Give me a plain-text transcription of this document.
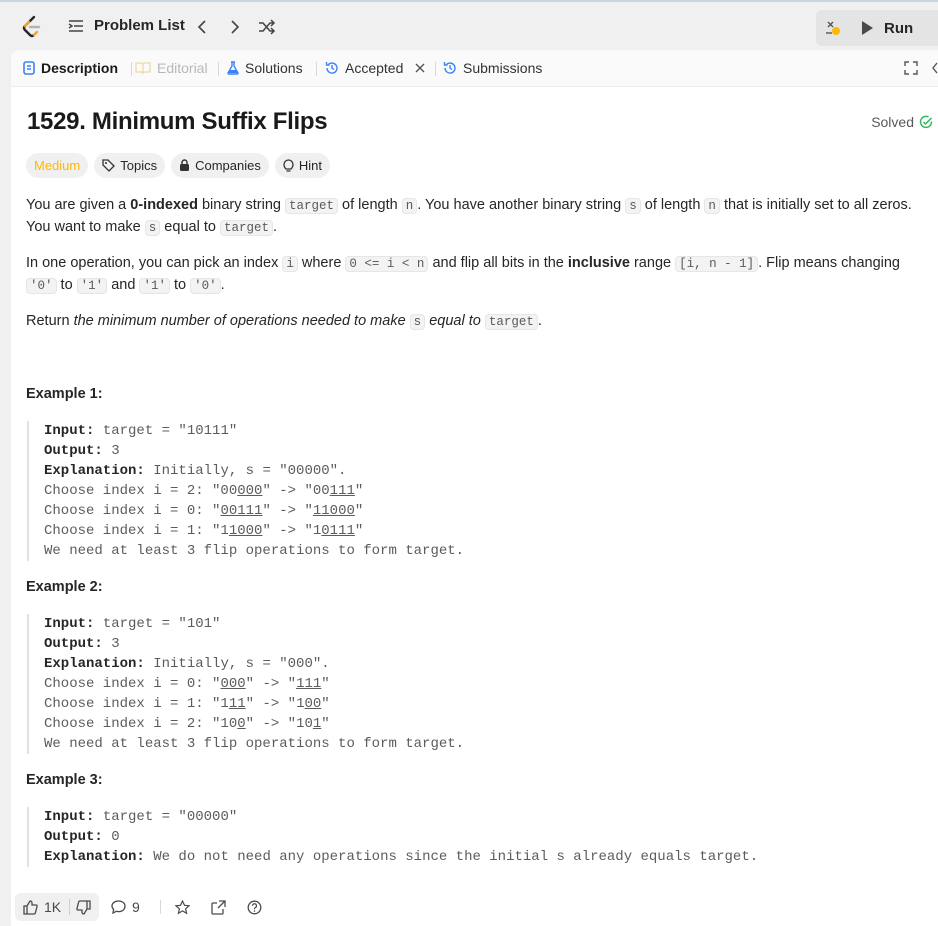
Problem List	Run
Description	Editorial	Solutions	Accepted	Submissions
1529. Minimum Suffix Flips	Solved
Medium	Topics	Companies	Hint

You are given a 0-indexed binary string target of length n . You have another binary string s of length n that is initially set to all zeros. You want to make s equal to target .

In one operation, you can pick an index i where 0 <= i < n and flip all bits in the inclusive range [i, n - 1] . Flip means changing '0' to '1' and '1' to '0' .

Return the minimum number of operations needed to make s equal to target .

Example 1:
Input: target = "10111"
Output: 3
Explanation: Initially, s = "00000".
Choose index i = 2: "00000" -> "00111"
Choose index i = 0: "00111" -> "11000"
Choose index i = 1: "11000" -> "10111"
We need at least 3 flip operations to form target.
Example 2:
Input: target = "101"
Output: 3
Explanation: Initially, s = "000".
Choose index i = 0: "000" -> "111"
Choose index i = 1: "111" -> "100"
Choose index i = 2: "100" -> "101"
We need at least 3 flip operations to form target.
Example 3:
Input: target = "00000"
Output: 0
Explanation: We do not need any operations since the initial s already equals target.
1K	9
